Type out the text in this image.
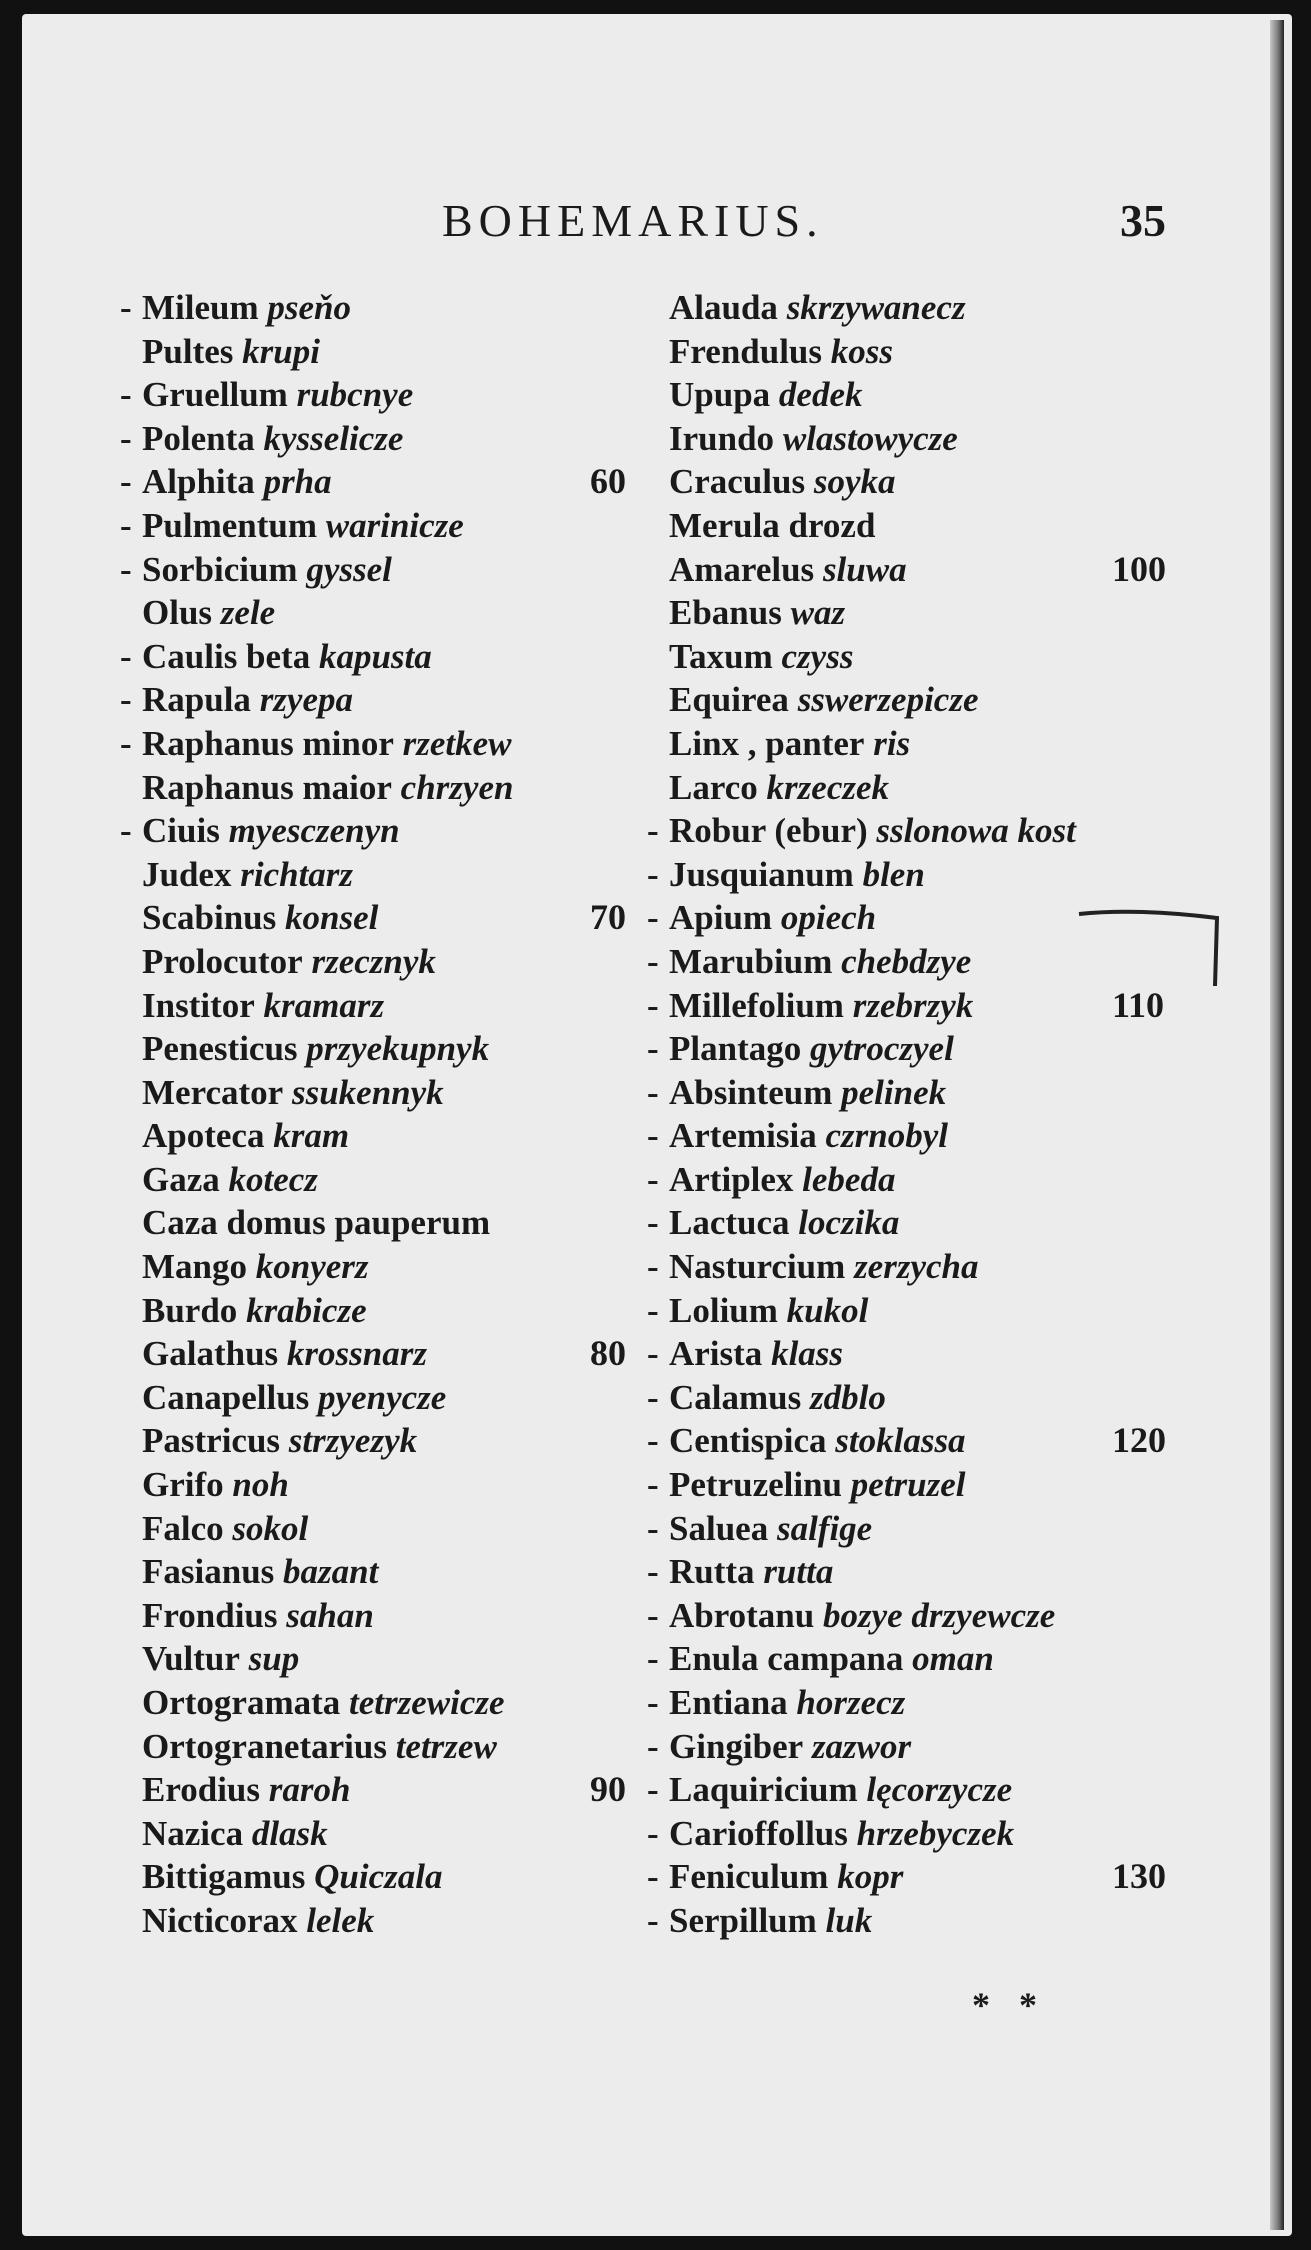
BOHEMARIUS.	35
- Mileum pseňo
Pultes krupi
- Gruellum rubcnye
- Polenta kysselicze
- Alphita prha	60
- Pulmentum warinicze
- Sorbicium gyssel
Olus zele
- Caulis beta kapusta
- Rapula rzyepa
- Raphanus minor rzetkew
Raphanus maior chrzyen
- Ciuis myesczenyn
Judex richtarz
Scabinus konsel	70
Prolocutor rzecznyk
Institor kramarz
Penesticus przyekupnyk
Mercator ssukennyk
Apoteca kram
Gaza kotecz
Caza domus pauperum
Mango konyerz
Burdo krabicze
Galathus krossnarz	80
Canapellus pyenycze
Pastricus strzyezyk
Grifo noh
Falco sokol
Fasianus bazant
Frondius sahan
Vultur sup
Ortogramata tetrzewicze
Ortogranetarius tetrzew
Erodius raroh	90
Nazica dlask
Bittigamus Quiczala
Nicticorax lelek
Alauda skrzywanecz
Frendulus koss
Upupa dedek
Irundo wlastowycze
Craculus soyka
Merula drozd
Amarelus sluwa	100
Ebanus waz
Taxum czyss
Equirea sswerzepicze
Linx , panter ris
Larco krzeczek
- Robur (ebur) sslonowa kost
- Jusquianum blen
- Apium opiech
- Marubium chebdzye
- Millefolium rzebrzyk	110
- Plantago gytroczyel
- Absinteum pelinek
- Artemisia czrnobyl
- Artiplex lebeda
- Lactuca loczika
- Nasturcium zerzycha
- Lolium kukol
- Arista klass
- Calamus zdblo
- Centispica stoklassa	120
- Petruzelinu petruzel
- Saluea salfige
- Rutta rutta
- Abrotanu bozye drzyewcze
- Enula campana oman
- Entiana horzecz
- Gingiber zazwor
- Laquiricium lęcorzycze
- Carioffollus hrzebyczek
- Feniculum kopr	130
- Serpillum luk
* *
